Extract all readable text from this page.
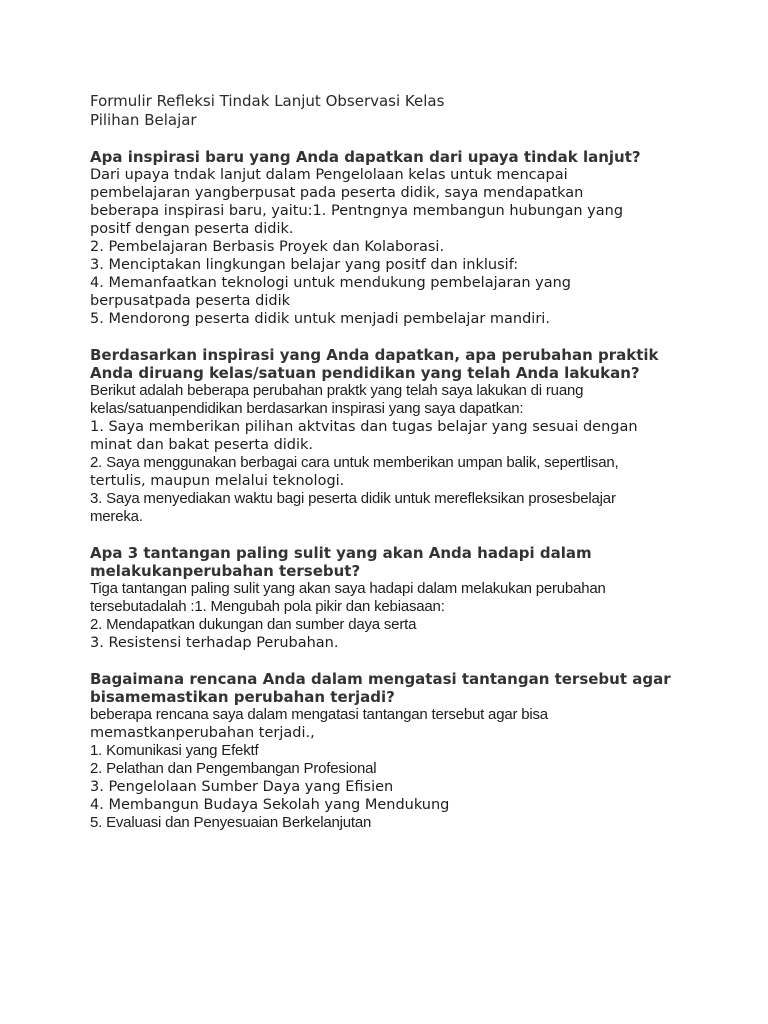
Formulir Refleksi Tindak Lanjut Observasi Kelas
Pilihan Belajar
Apa inspirasi baru yang Anda dapatkan dari upaya tindak lanjut?
Dari upaya tndak lanjut dalam Pengelolaan kelas untuk mencapai
pembelajaran yangberpusat pada peserta didik, saya mendapatkan
beberapa inspirasi baru, yaitu:1. Pentngnya membangun hubungan yang
positf dengan peserta didik.
2. Pembelajaran Berbasis Proyek dan Kolaborasi.
3. Menciptakan lingkungan belajar yang positf dan inklusif:
4. Memanfaatkan teknologi untuk mendukung pembelajaran yang
berpusatpada peserta didik
5. Mendorong peserta didik untuk menjadi pembelajar mandiri.
Berdasarkan inspirasi yang Anda dapatkan, apa perubahan praktik
Anda diruang kelas/satuan pendidikan yang telah Anda lakukan?
Berikut adalah beberapa perubahan praktk yang telah saya lakukan di ruang
kelas/satuanpendidikan berdasarkan inspirasi yang saya dapatkan:
1. Saya memberikan pilihan aktvitas dan tugas belajar yang sesuai dengan
minat dan bakat peserta didik.
2. Saya menggunakan berbagai cara untuk memberikan umpan balik, sepertlisan,
tertulis, maupun melalui teknologi.
3. Saya menyediakan waktu bagi peserta didik untuk mereﬂeksikan prosesbelajar
mereka.
Apa 3 tantangan paling sulit yang akan Anda hadapi dalam
melakukanperubahan tersebut?
Tiga tantangan paling sulit yang akan saya hadapi dalam melakukan perubahan
tersebutadalah :1. Mengubah pola pikir dan kebiasaan:
2. Mendapatkan dukungan dan sumber daya serta
3. Resistensi terhadap Perubahan.
Bagaimana rencana Anda dalam mengatasi tantangan tersebut agar
bisamemastikan perubahan terjadi?
beberapa rencana saya dalam mengatasi tantangan tersebut agar bisa
memastkanperubahan terjadi.,
1. Komunikasi yang Efektf
2. Pelathan dan Pengembangan Profesional
3. Pengelolaan Sumber Daya yang Efisien
4. Membangun Budaya Sekolah yang Mendukung
5. Evaluasi dan Penyesuaian Berkelanjutan
